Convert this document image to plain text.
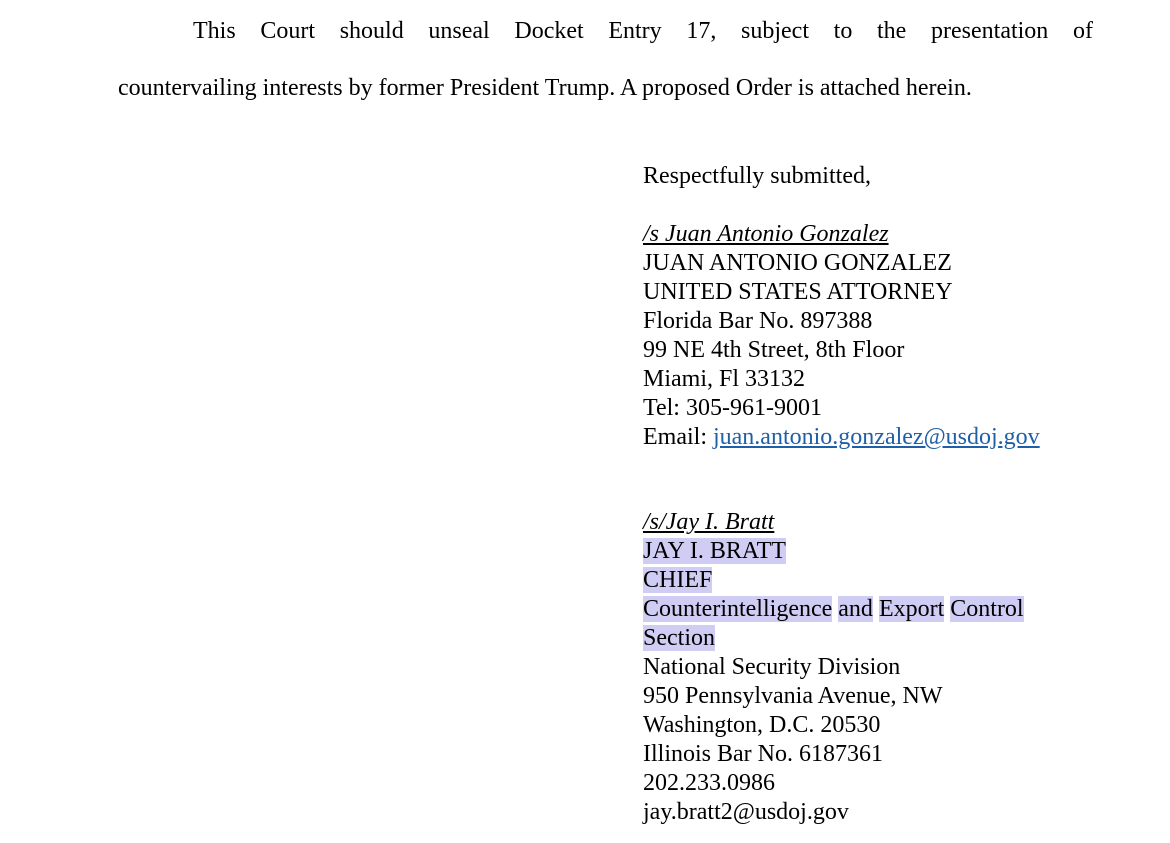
This Court should unseal Docket Entry 17, subject to the presentation of
countervailing interests by former President Trump. A proposed Order is attached herein.
Respectfully submitted,
/s Juan Antonio Gonzalez
JUAN ANTONIO GONZALEZ
UNITED STATES ATTORNEY
Florida Bar No. 897388
99 NE 4th Street, 8th Floor
Miami, Fl 33132
Tel: 305-961-9001
Email: juan.antonio.gonzalez@usdoj.gov
/s/Jay I. Bratt
JAY I. BRATT
CHIEF
Counterintelligence and Export Control
Section
National Security Division
950 Pennsylvania Avenue, NW
Washington, D.C. 20530
Illinois Bar No. 6187361
202.233.0986
jay.bratt2@usdoj.gov
